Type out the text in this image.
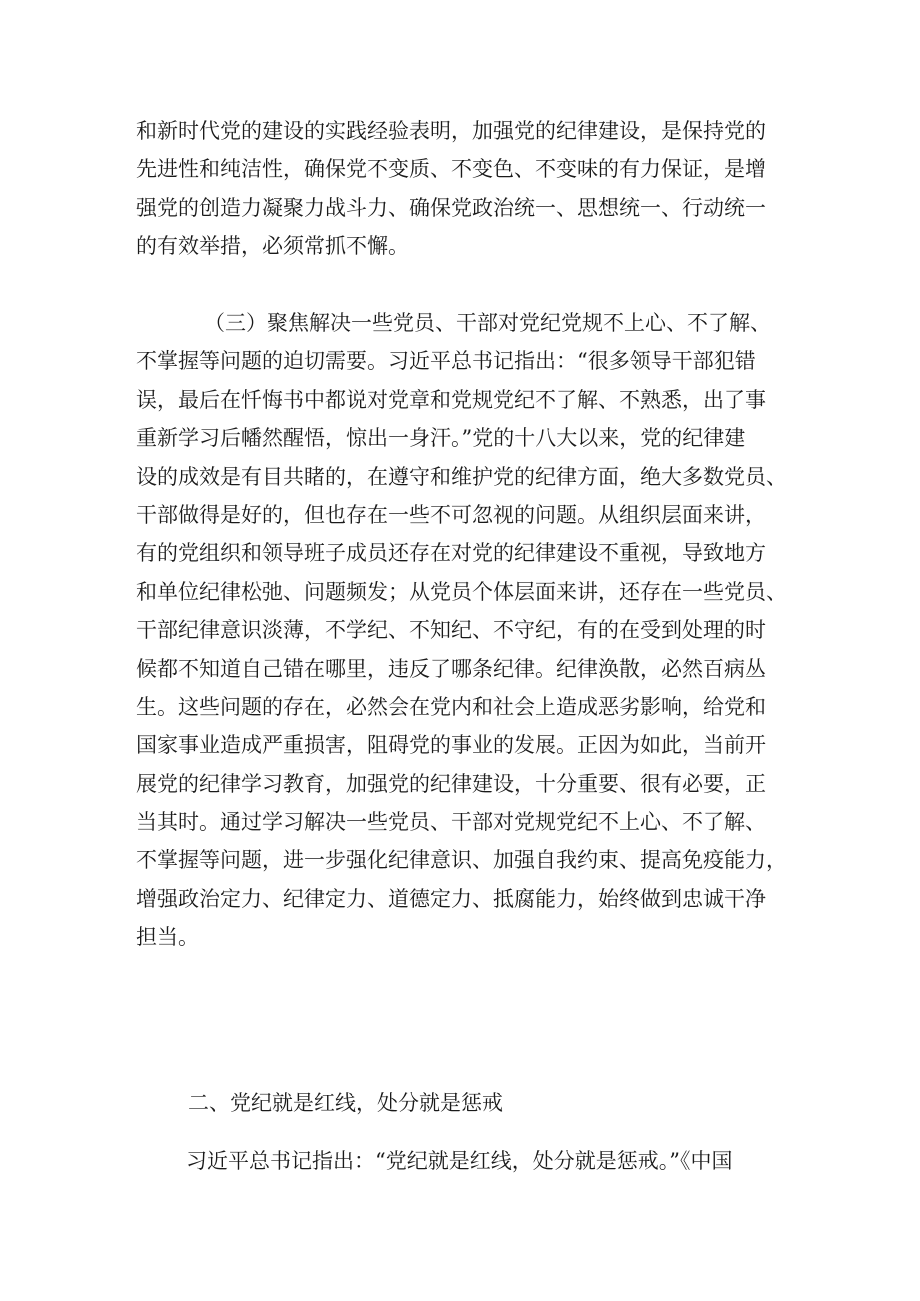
和新时代党的建设的实践经验表明，加强党的纪律建设，是保持党的
先进性和纯洁性，确保党不变质、不变色、不变味的有力保证，是增
强党的创造力凝聚力战斗力、确保党政治统一、思想统一、行动统一
的有效举措，必须常抓不懈。
（三）聚焦解决一些党员、干部对党纪党规不上心、不了解、
不掌握等问题的迫切需要。习近平总书记指出：“很多领导干部犯错
误，最后在忏悔书中都说对党章和党规党纪不了解、不熟悉，出了事
重新学习后幡然醒悟，惊出一身汗。”党的十八大以来，党的纪律建
设的成效是有目共睹的，在遵守和维护党的纪律方面，绝大多数党员、
干部做得是好的，但也存在一些不可忽视的问题。从组织层面来讲，
有的党组织和领导班子成员还存在对党的纪律建设不重视，导致地方
和单位纪律松弛、问题频发；从党员个体层面来讲，还存在一些党员、
干部纪律意识淡薄，不学纪、不知纪、不守纪，有的在受到处理的时
候都不知道自己错在哪里，违反了哪条纪律。纪律涣散，必然百病丛
生。这些问题的存在，必然会在党内和社会上造成恶劣影响，给党和
国家事业造成严重损害，阻碍党的事业的发展。正因为如此，当前开
展党的纪律学习教育，加强党的纪律建设，十分重要、很有必要，正
当其时。通过学习解决一些党员、干部对党规党纪不上心、不了解、
不掌握等问题，进一步强化纪律意识、加强自我约束、提高免疫能力，
增强政治定力、纪律定力、道德定力、抵腐能力，始终做到忠诚干净
担当。
二、党纪就是红线，处分就是惩戒
习近平总书记指出：“党纪就是红线，处分就是惩戒。”《中国
